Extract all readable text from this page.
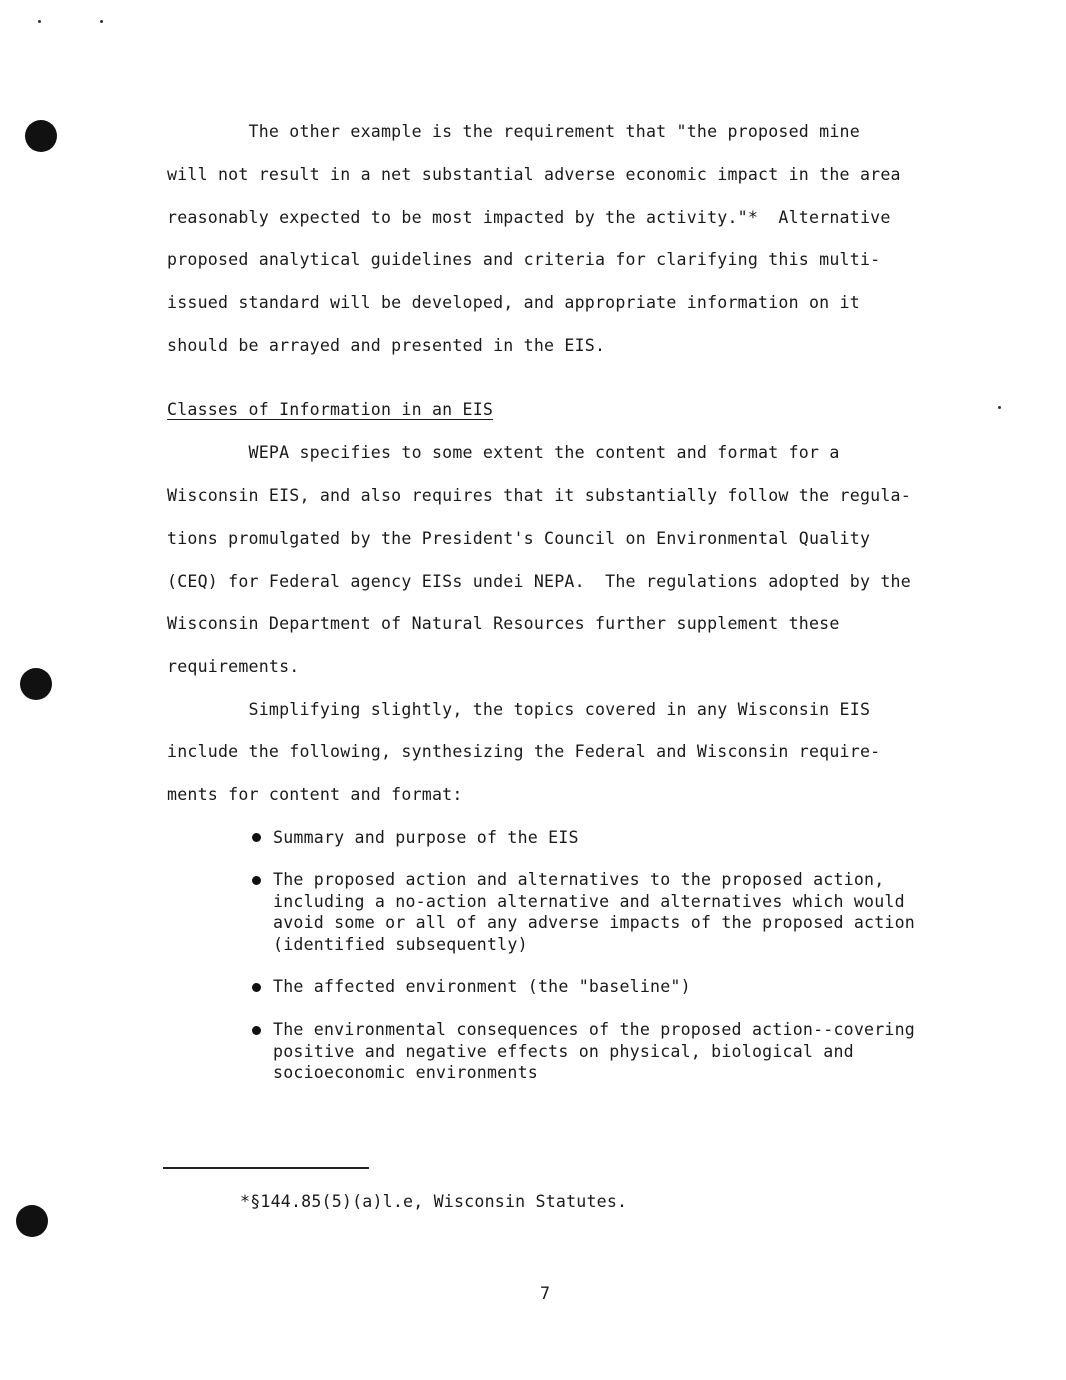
The other example is the requirement that "the proposed mine
will not result in a net substantial adverse economic impact in the area
reasonably expected to be most impacted by the activity."*  Alternative
proposed analytical guidelines and criteria for clarifying this multi-
issued standard will be developed, and appropriate information on it
should be arrayed and presented in the EIS.
Classes of Information in an EIS
WEPA specifies to some extent the content and format for a
Wisconsin EIS, and also requires that it substantially follow the regula-
tions promulgated by the President's Council on Environmental Quality
(CEQ) for Federal agency EISs undei NEPA.  The regulations adopted by the
Wisconsin Department of Natural Resources further supplement these
requirements.
Simplifying slightly, the topics covered in any Wisconsin EIS
include the following, synthesizing the Federal and Wisconsin require-
ments for content and format:
Summary and purpose of the EIS
The proposed action and alternatives to the proposed action,
including a no-action alternative and alternatives which would
avoid some or all of any adverse impacts of the proposed action
(identified subsequently)
The affected environment (the "baseline")
The environmental consequences of the proposed action--covering
positive and negative effects on physical, biological and
socioeconomic environments
*§144.85(5)(a)l.e, Wisconsin Statutes.
7
